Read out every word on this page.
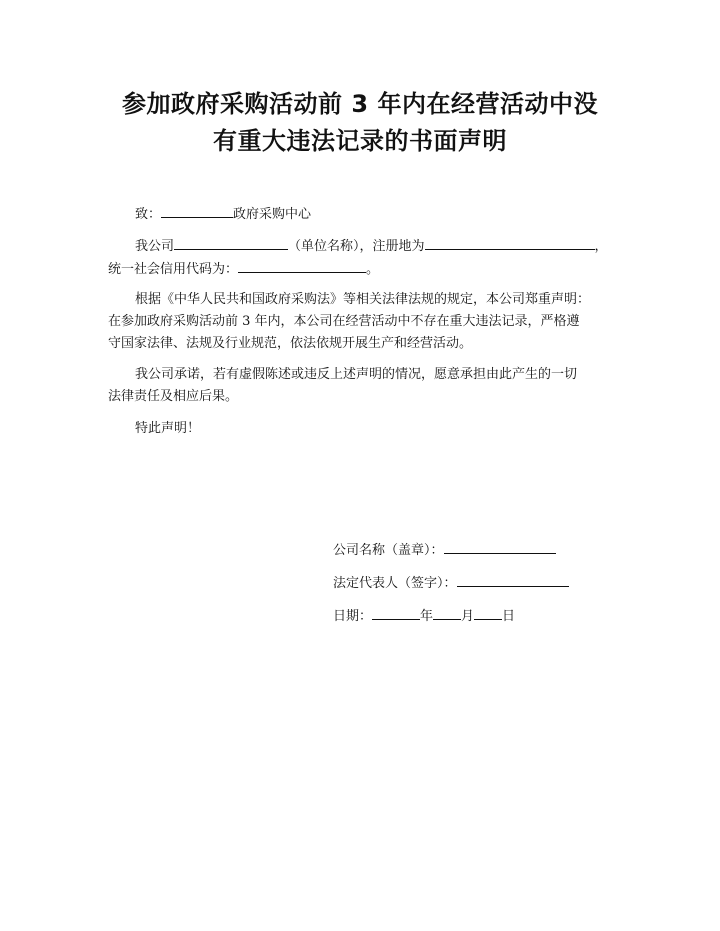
参加政府采购活动前 3 年内在经营活动中没
有重大违法记录的书面声明
致：	政府采购中心
我公司	（单位名称），注册地为	，
统一社会信用代码为：	。
根据《中华人民共和国政府采购法》等相关法律法规的规定，本公司郑重声明：
在参加政府采购活动前 3 年内，本公司在经营活动中不存在重大违法记录，严格遵
守国家法律、法规及行业规范，依法依规开展生产和经营活动。
我公司承诺，若有虚假陈述或违反上述声明的情况，愿意承担由此产生的一切
法律责任及相应后果。
特此声明！
公司名称（盖章）：
法定代表人（签字）：
日期：	年 月 日
